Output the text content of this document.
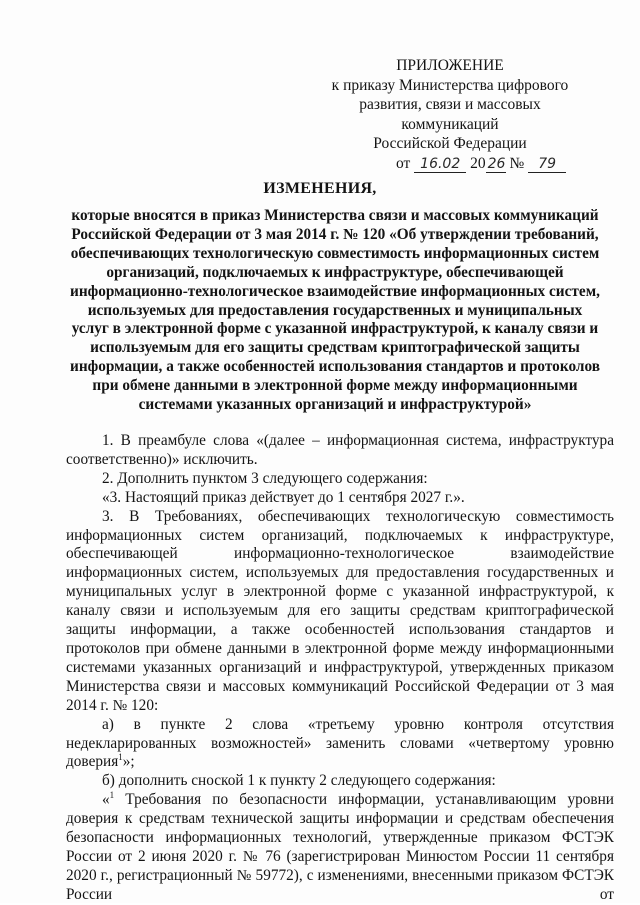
ПРИЛОЖЕНИЕ
к приказу Министерства цифрового
развития, связи и массовых
коммуникаций
Российской Федерации
от 16.02 20 26 № 79
ИЗМЕНЕНИЯ,
которые вносятся в приказ Министерства связи и массовых коммуникаций Российской Федерации от 3 мая 2014 г. № 120 «Об утверждении требований, обеспечивающих технологическую совместимость информационных систем организаций, подключаемых к инфраструктуре, обеспечивающей информационно-технологическое взаимодействие информационных систем, используемых для предоставления государственных и муниципальных услуг в электронной форме с указанной инфраструктурой, к каналу связи и используемым для его защиты средствам криптографической защиты информации, а также особенностей использования стандартов и протоколов при обмене данными в электронной форме между информационными системами указанных организаций и инфраструктурой»

1. В преамбуле слова «(далее – информационная система, инфраструктура соответственно)» исключить.

2. Дополнить пунктом 3 следующего содержания:

«3. Настоящий приказ действует до 1 сентября 2027 г.».

3. В Требованиях, обеспечивающих технологическую совместимость информационных систем организаций, подключаемых к инфраструктуре, обеспечивающей информационно-технологическое взаимодействие информационных систем, используемых для предоставления государственных и муниципальных услуг в электронной форме с указанной инфраструктурой, к каналу связи и используемым для его защиты средствам криптографической защиты информации, а также особенностей использования стандартов и протоколов при обмене данными в электронной форме между информационными системами указанных организаций и инфраструктурой, утвержденных приказом Министерства связи и массовых коммуникаций Российской Федерации от 3 мая 2014 г. № 120:

а) в пункте 2 слова «третьему уровню контроля отсутствия недекларированных возможностей» заменить словами «четвертому уровню доверия$^1$»;

б) дополнить сноской 1 к пункту 2 следующего содержания:

«$^1$ Требования по безопасности информации, устанавливающим уровни доверия к средствам технической защиты информации и средствам обеспечения безопасности информационных технологий, утвержденные приказом ФСТЭК России от 2 июня 2020 г. № 76 (зарегистрирован Минюстом России 11 сентября 2020 г., регистрационный № 59772), с изменениями, внесенными приказом ФСТЭК России от
